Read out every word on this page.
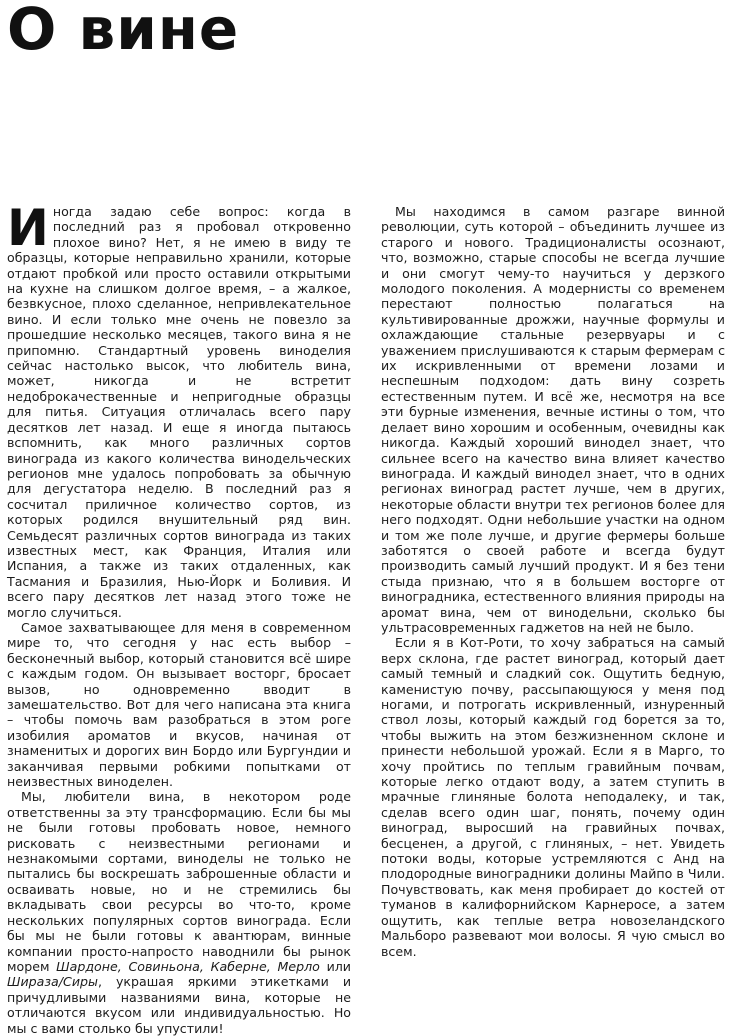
О вине

Иногда задаю себе вопрос: когда в последний раз я пробовал откровенно плохое вино? Нет, я не имею в виду те образцы, которые неправильно хранили, которые отдают пробкой или просто оставили открытыми на кухне на слишком долгое время, – а жалкое, безвкусное, плохо сделанное, непривлекательное вино. И если только мне очень не повезло за прошедшие несколько месяцев, такого вина я не припомню. Стандартный уровень виноделия сейчас настолько высок, что любитель вина, может, никогда и не встретит недоброкачественные и непригодные образцы для питья. Ситуация отличалась всего пару десятков лет назад. И еще я иногда пытаюсь вспомнить, как много различных сортов винограда из какого количества винодельческих регионов мне удалось попробовать за обычную для дегустатора неделю. В последний раз я сосчитал приличное количество сортов, из которых родился внушительный ряд вин. Семьдесят различных сортов винограда из таких известных мест, как Франция, Италия или Испания, а также из таких отдаленных, как Тасмания и Бразилия, Нью-Йорк и Боливия. И всего пару десятков лет назад этого тоже не могло случиться.

Самое захватывающее для меня в современном мире то, что сегодня у нас есть выбор – бесконечный выбор, который становится всё шире с каждым годом. Он вызывает восторг, бросает вызов, но одновременно вводит в замешательство. Вот для чего написана эта книга – чтобы помочь вам разобраться в этом роге изобилия ароматов и вкусов, начиная от знаменитых и дорогих вин Бордо или Бургундии и заканчивая первыми робкими попытками от неизвестных виноделен.

Мы, любители вина, в некотором роде ответственны за эту трансформацию. Если бы мы не были готовы пробовать новое, немного рисковать с неизвестными регионами и незнакомыми сортами, виноделы не только не пытались бы воскрешать заброшенные области и осваивать новые, но и не стремились бы вкладывать свои ресурсы во что-то, кроме нескольких популярных сортов винограда. Если бы мы не были готовы к авантюрам, винные компании просто-напросто наводнили бы рынок морем Шардоне, Совиньона, Каберне, Мерло или Шираза/Сиры, украшая яркими этикетками и причудливыми названиями вина, которые не отличаются вкусом или индивидуальностью. Но мы с вами столько бы упустили!

Мы находимся в самом разгаре винной революции, суть которой – объединить лучшее из старого и нового. Традиционалисты осознают, что, возможно, старые способы не всегда лучшие и они смогут чему-то научиться у дерзкого молодого поколения. А модернисты со временем перестают полностью полагаться на культивированные дрожжи, научные формулы и охлаждающие стальные резервуары и с уважением прислушиваются к старым фермерам с их искривленными от времени лозами и неспешным подходом: дать вину созреть естественным путем. И всё же, несмотря на все эти бурные изменения, вечные истины о том, что делает вино хорошим и особенным, очевидны как никогда. Каждый хороший винодел знает, что сильнее всего на качество вина влияет качество винограда. И каждый винодел знает, что в одних регионах виноград растет лучше, чем в других, некоторые области внутри тех регионов более для него подходят. Одни небольшие участки на одном и том же поле лучше, и другие фермеры больше заботятся о своей работе и всегда будут производить самый лучший продукт. И я без тени стыда признаю, что я в большем восторге от виноградника, естественного влияния природы на аромат вина, чем от винодельни, сколько бы ультрасовременных гаджетов на ней не было.

Если я в Кот-Роти, то хочу забраться на самый верх склона, где растет виноград, который дает самый темный и сладкий сок. Ощутить бедную, каменистую почву, рассыпающуюся у меня под ногами, и потрогать искривленный, изнуренный ствол лозы, который каждый год борется за то, чтобы выжить на этом безжизненном склоне и принести небольшой урожай. Если я в Марго, то хочу пройтись по теплым гравийным почвам, которые легко отдают воду, а затем ступить в мрачные глиняные болота неподалеку, и так, сделав всего один шаг, понять, почему один виноград, выросший на гравийных почвах, бесценен, а другой, с глиняных, – нет. Увидеть потоки воды, которые устремляются с Анд на плодородные виноградники долины Майпо в Чили. Почувствовать, как меня пробирает до костей от туманов в калифорнийском Карнеросе, а затем ощутить, как теплые ветра новозеландского Мальборо развевают мои волосы. Я чую смысл во всем.
